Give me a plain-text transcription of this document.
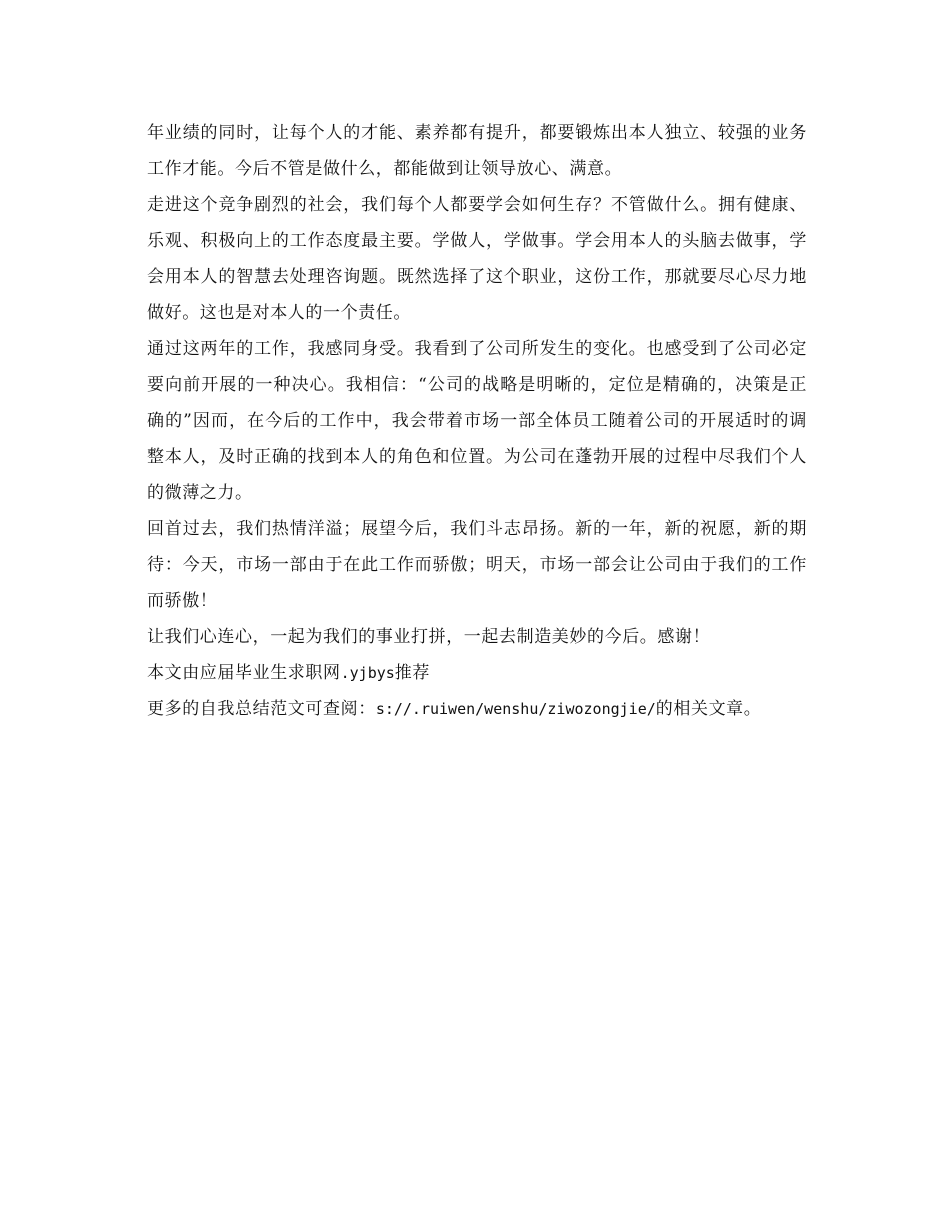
年业绩的同时，让每个人的才能、素养都有提升，都要锻炼出本人独立、较强的业务工作才能。今后不管是做什么，都能做到让领导放心、满意。

走进这个竞争剧烈的社会，我们每个人都要学会如何生存？不管做什么。拥有健康、乐观、积极向上的工作态度最主要。学做人，学做事。学会用本人的头脑去做事，学会用本人的智慧去处理咨询题。既然选择了这个职业，这份工作，那就要尽心尽力地做好。这也是对本人的一个责任。

通过这两年的工作，我感同身受。我看到了公司所发生的变化。也感受到了公司必定要向前开展的一种决心。我相信：“公司的战略是明晰的，定位是精确的，决策是正确的”因而，在今后的工作中，我会带着市场一部全体员工随着公司的开展适时的调整本人，及时正确的找到本人的角色和位置。为公司在蓬勃开展的过程中尽我们个人的微薄之力。

回首过去，我们热情洋溢；展望今后，我们斗志昂扬。新的一年，新的祝愿，新的期待：今天，市场一部由于在此工作而骄傲；明天，市场一部会让公司由于我们的工作而骄傲！

让我们心连心，一起为我们的事业打拼，一起去制造美妙的今后。感谢！

本文由应届毕业生求职网.yjbys推荐

更多的自我总结范文可查阅：s://.ruiwen/wenshu/ziwozongjie/的相关文章。
